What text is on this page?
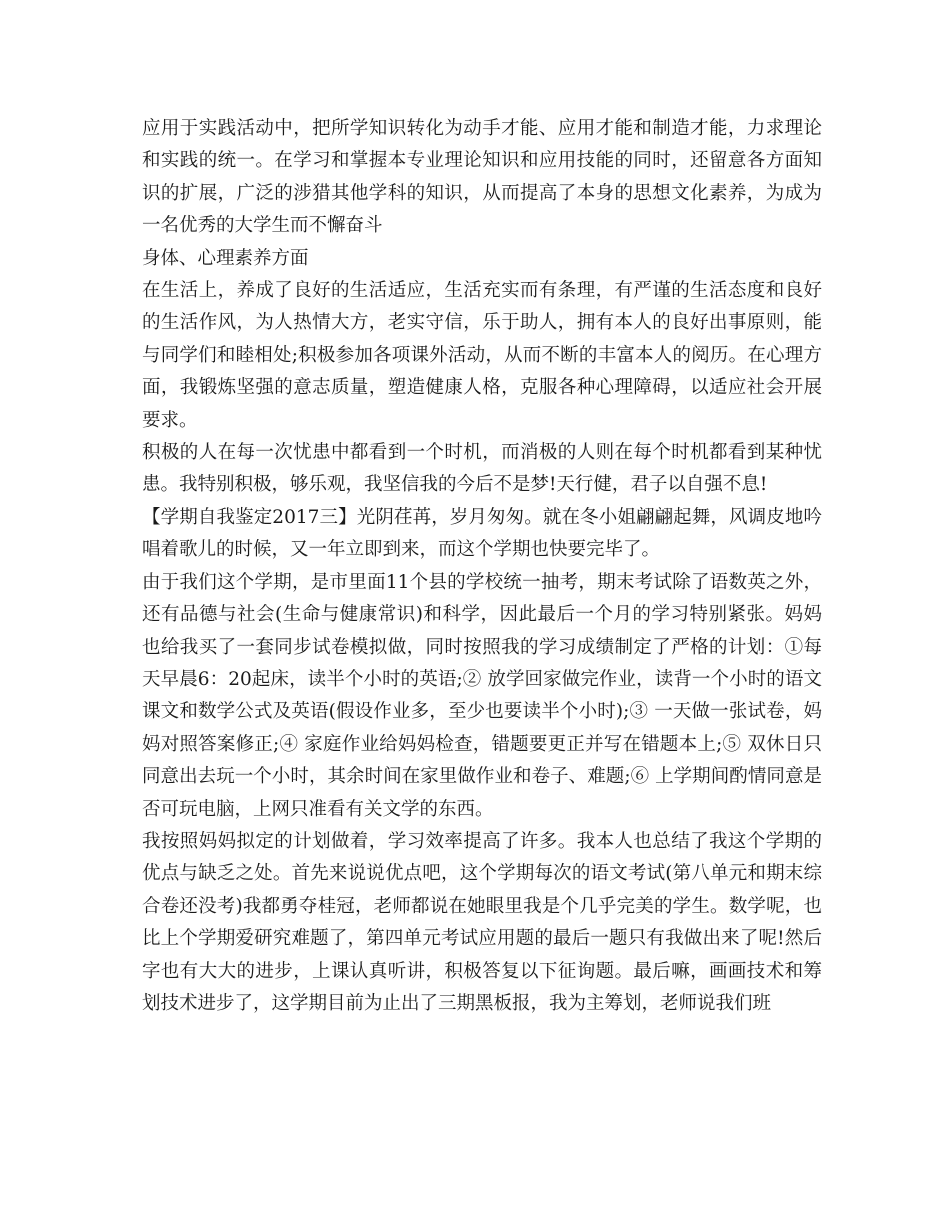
应用于实践活动中，把所学知识转化为动手才能、应用才能和制造才能，力求理论和实践的统一。在学习和掌握本专业理论知识和应用技能的同时，还留意各方面知识的扩展，广泛的涉猎其他学科的知识，从而提高了本身的思想文化素养，为成为一名优秀的大学生而不懈奋斗

身体、心理素养方面

在生活上，养成了良好的生活适应，生活充实而有条理，有严谨的生活态度和良好的生活作风，为人热情大方，老实守信，乐于助人，拥有本人的良好出事原则，能与同学们和睦相处;积极参加各项课外活动，从而不断的丰富本人的阅历。在心理方面，我锻炼坚强的意志质量，塑造健康人格，克服各种心理障碍，以适应社会开展要求。

积极的人在每一次忧患中都看到一个时机，而消极的人则在每个时机都看到某种忧患。我特别积极，够乐观，我坚信我的今后不是梦!天行健，君子以自强不息!

【学期自我鉴定2017三】光阴荏苒，岁月匆匆。就在冬小姐翩翩起舞，风调皮地吟唱着歌儿的时候，又一年立即到来，而这个学期也快要完毕了。

由于我们这个学期，是市里面11个县的学校统一抽考，期末考试除了语数英之外，还有品德与社会(生命与健康常识)和科学，因此最后一个月的学习特别紧张。妈妈也给我买了一套同步试卷模拟做，同时按照我的学习成绩制定了严格的计划：①每天早晨6：20起床，读半个小时的英语;② 放学回家做完作业，读背一个小时的语文课文和数学公式及英语(假设作业多，至少也要读半个小时);③ 一天做一张试卷，妈妈对照答案修正;④ 家庭作业给妈妈检查，错题要更正并写在错题本上;⑤ 双休日只同意出去玩一个小时，其余时间在家里做作业和卷子、难题;⑥ 上学期间酌情同意是否可玩电脑，上网只准看有关文学的东西。

我按照妈妈拟定的计划做着，学习效率提高了许多。我本人也总结了我这个学期的优点与缺乏之处。首先来说说优点吧，这个学期每次的语文考试(第八单元和期末综合卷还没考)我都勇夺桂冠，老师都说在她眼里我是个几乎完美的学生。数学呢，也比上个学期爱研究难题了，第四单元考试应用题的最后一题只有我做出来了呢!然后字也有大大的进步，上课认真听讲，积极答复以下征询题。最后嘛，画画技术和筹划技术进步了，这学期目前为止出了三期黑板报，我为主筹划，老师说我们班
